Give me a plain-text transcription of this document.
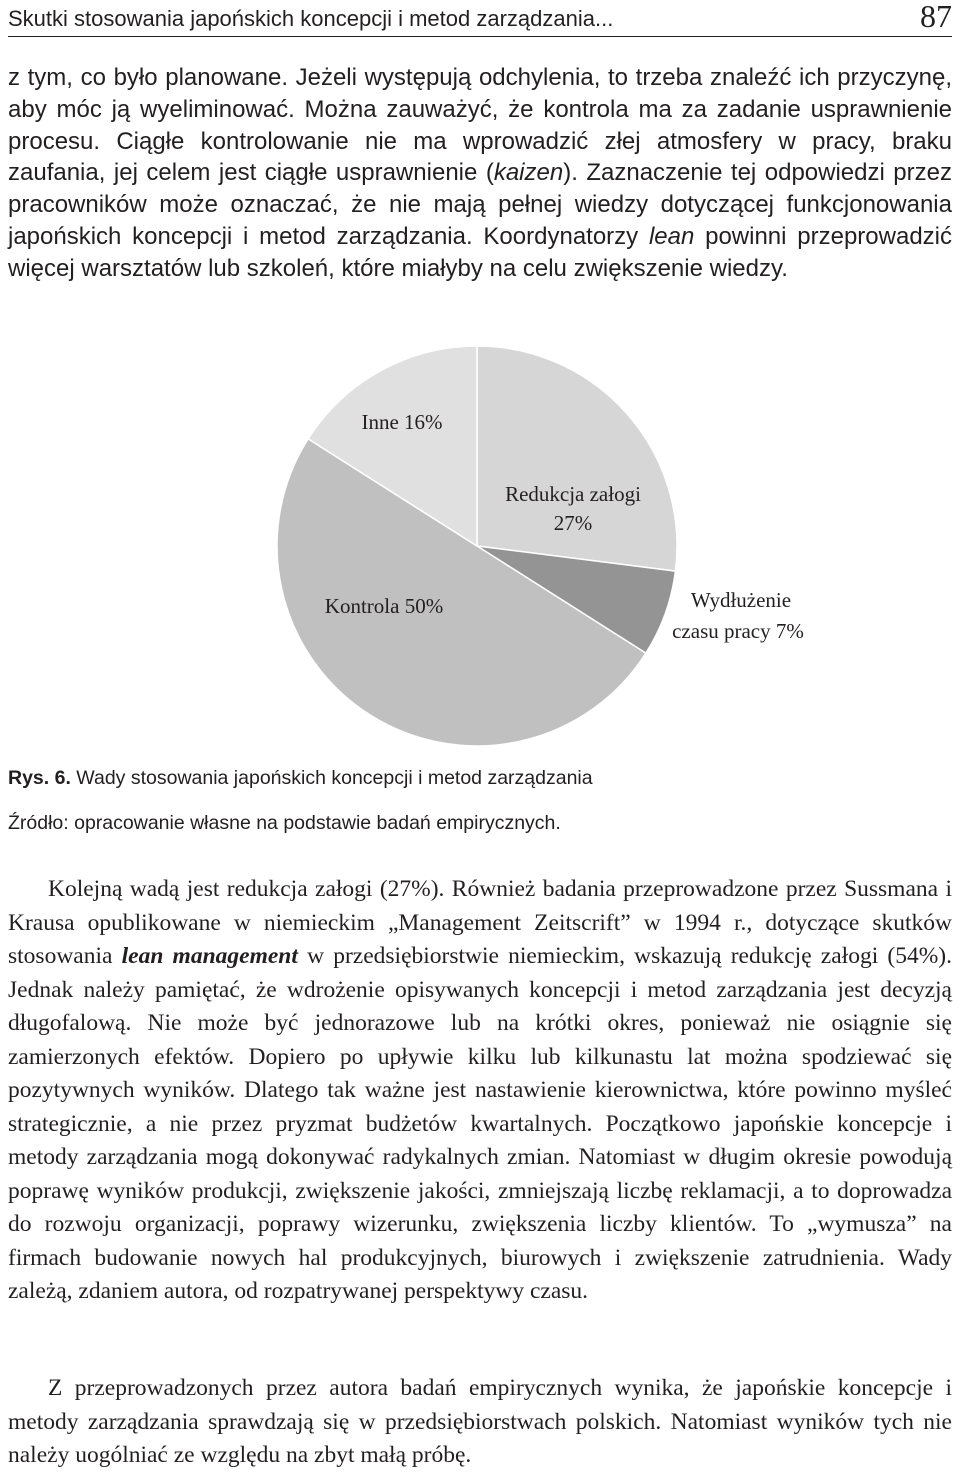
Skutki stosowania japońskich koncepcji i metod zarządzania...	87

z tym, co było planowane. Jeżeli występują odchylenia, to trzeba znaleźć ich przyczynę, aby móc ją wyeliminować. Można zauważyć, że kontrola ma za zadanie usprawnienie procesu. Ciągłe kontrolowanie nie ma wprowadzić złej atmosfery w pracy, braku zaufania, jej celem jest ciągłe usprawnienie (kaizen). Zaznaczenie tej odpowiedzi przez pracowników może oznaczać, że nie mają pełnej wiedzy dotyczącej funkcjonowania japońskich koncepcji i metod zarządzania. Koordynatorzy lean powinni przeprowadzić więcej warsztatów lub szkoleń, które miałyby na celu zwiększenie wiedzy.

Inne 16%
Redukcja załogi
27%
Kontrola 50%	Wydłużenie
czasu pracy 7%
Rys. 6. Wady stosowania japońskich koncepcji i metod zarządzania
Źródło: opracowanie własne na podstawie badań empirycznych.

Kolejną wadą jest redukcja załogi (27%). Również badania przeprowadzone przez Sussmana i Krausa opublikowane w niemieckim „Management Zeitscrift” w 1994 r., dotyczące skutków stosowania lean management w przedsiębiorstwie niemieckim, wskazują redukcję załogi (54%). Jednak należy pamiętać, że wdrożenie opisywanych koncepcji i metod zarządzania jest decyzją długofalową. Nie może być jednorazowe lub na krótki okres, ponieważ nie osiągnie się zamierzonych efektów. Dopiero po upływie kilku lub kilkunastu lat można spodziewać się pozytywnych wyników. Dlatego tak ważne jest nastawienie kierownictwa, które powinno myśleć strategicznie, a nie przez pryzmat budżetów kwartalnych. Początkowo japońskie koncepcje i metody zarządzania mogą dokonywać radykalnych zmian. Natomiast w długim okresie powodują poprawę wyników produkcji, zwiększenie jakości, zmniejszają liczbę reklamacji, a to doprowadza do rozwoju organizacji, poprawy wizerunku, zwiększenia liczby klientów. To „wymusza” na firmach budowanie nowych hal produkcyjnych, biurowych i zwiększenie zatrudnienia. Wady zależą, zdaniem autora, od rozpatrywanej perspektywy czasu.

Z przeprowadzonych przez autora badań empirycznych wynika, że japońskie koncepcje i metody zarządzania sprawdzają się w przedsiębiorstwach polskich. Natomiast wyników tych nie należy uogólniać ze względu na zbyt małą próbę.
